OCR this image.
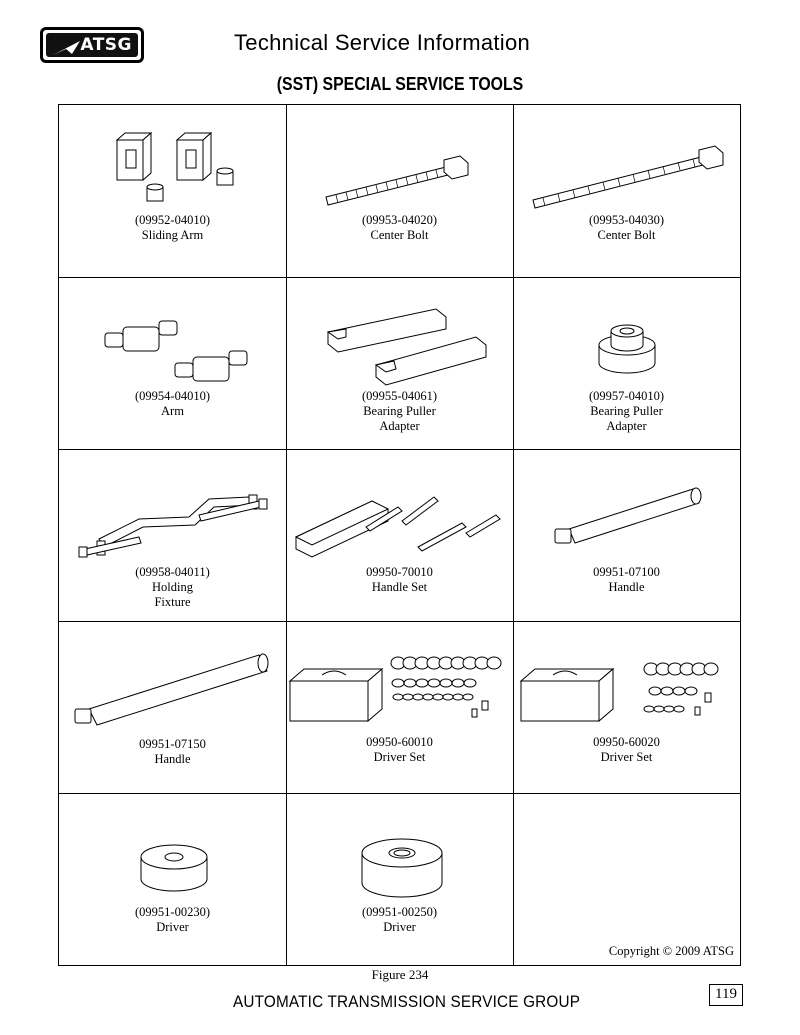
ATSG	Technical Service Information
(SST) SPECIAL SERVICE TOOLS
(09952-04010)
Sliding Arm
(09953-04020)
Center Bolt
(09953-04030)
Center Bolt
(09954-04010)
Arm
(09955-04061)
Bearing Puller
Adapter
(09957-04010)
Bearing Puller
Adapter
(09958-04011)
Holding
Fixture
09950-70010
Handle Set
09951-07100
Handle
09951-07150
Handle
09950-60010
Driver Set
09950-60020
Driver Set
(09951-00230)
Driver
(09951-00250)
Driver
Copyright © 2009 ATSG
Figure 234
AUTOMATIC TRANSMISSION SERVICE GROUP	119
